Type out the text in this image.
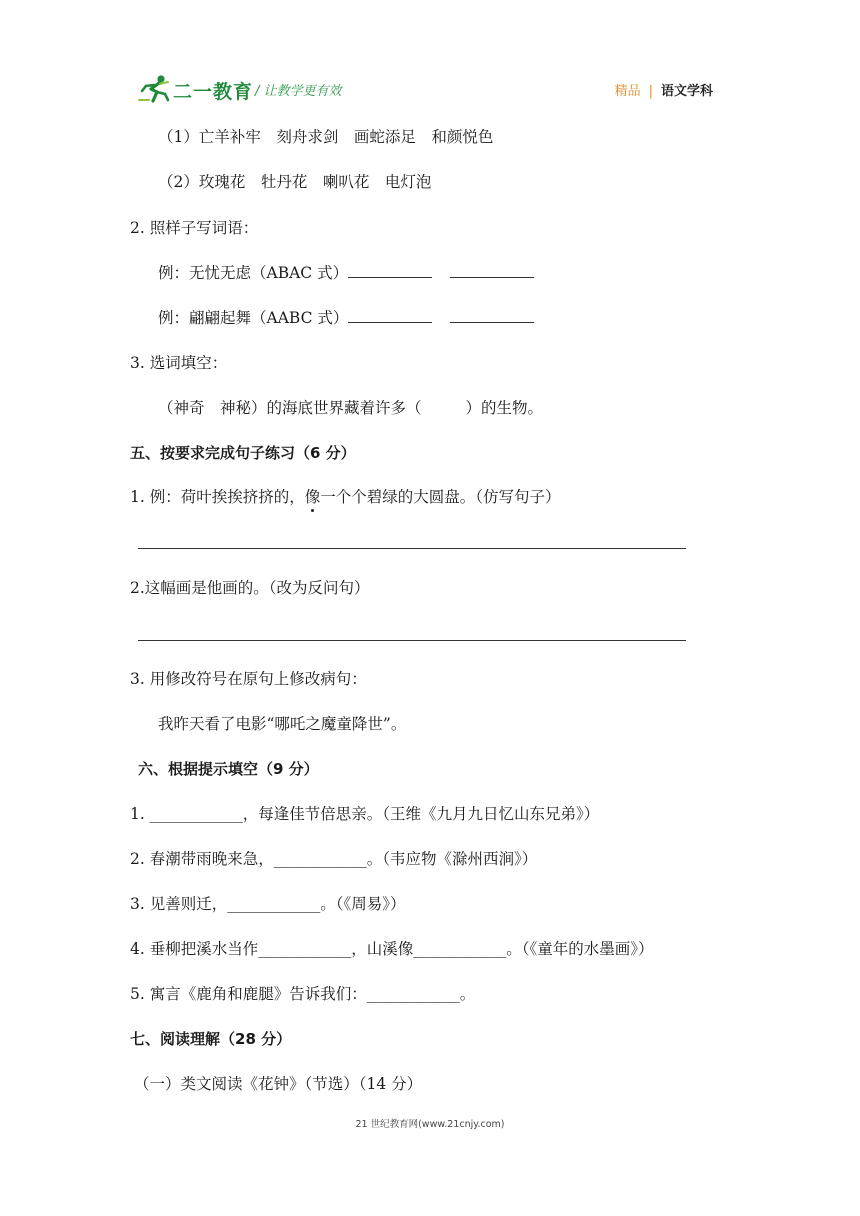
二一教育 / 让教学更有效	精品 | 语文学科
（1）亡羊补牢　刻舟求剑　画蛇添足　和颜悦色
（2）玫瑰花　牡丹花　喇叭花　电灯泡
2. 照样子写词语：
例：无忧无虑（ABAC 式）
例：翩翩起舞（AABC 式）
3. 选词填空：
（神奇　神秘）的海底世界藏着许多（	）的生物。
五、按要求完成句子练习（6 分）
1. 例：荷叶挨挨挤挤的，像一个个碧绿的大圆盘。（仿写句子）
2.这幅画是他画的。（改为反问句）
3. 用修改符号在原句上修改病句：
我昨天看了电影“哪吒之魔童降世”。
六、根据提示填空（9 分）
1. ____________，每逢佳节倍思亲。（王维《九月九日忆山东兄弟》）
2. 春潮带雨晚来急，____________。（韦应物《滁州西涧》）
3. 见善则迁，____________。（《周易》）
4. 垂柳把溪水当作____________，山溪像____________。（《童年的水墨画》）
5. 寓言《鹿角和鹿腿》告诉我们：____________。
七、阅读理解（28 分）
（一）类文阅读《花钟》（节选）（14 分）
21 世纪教育网(www.21cnjy.com)
